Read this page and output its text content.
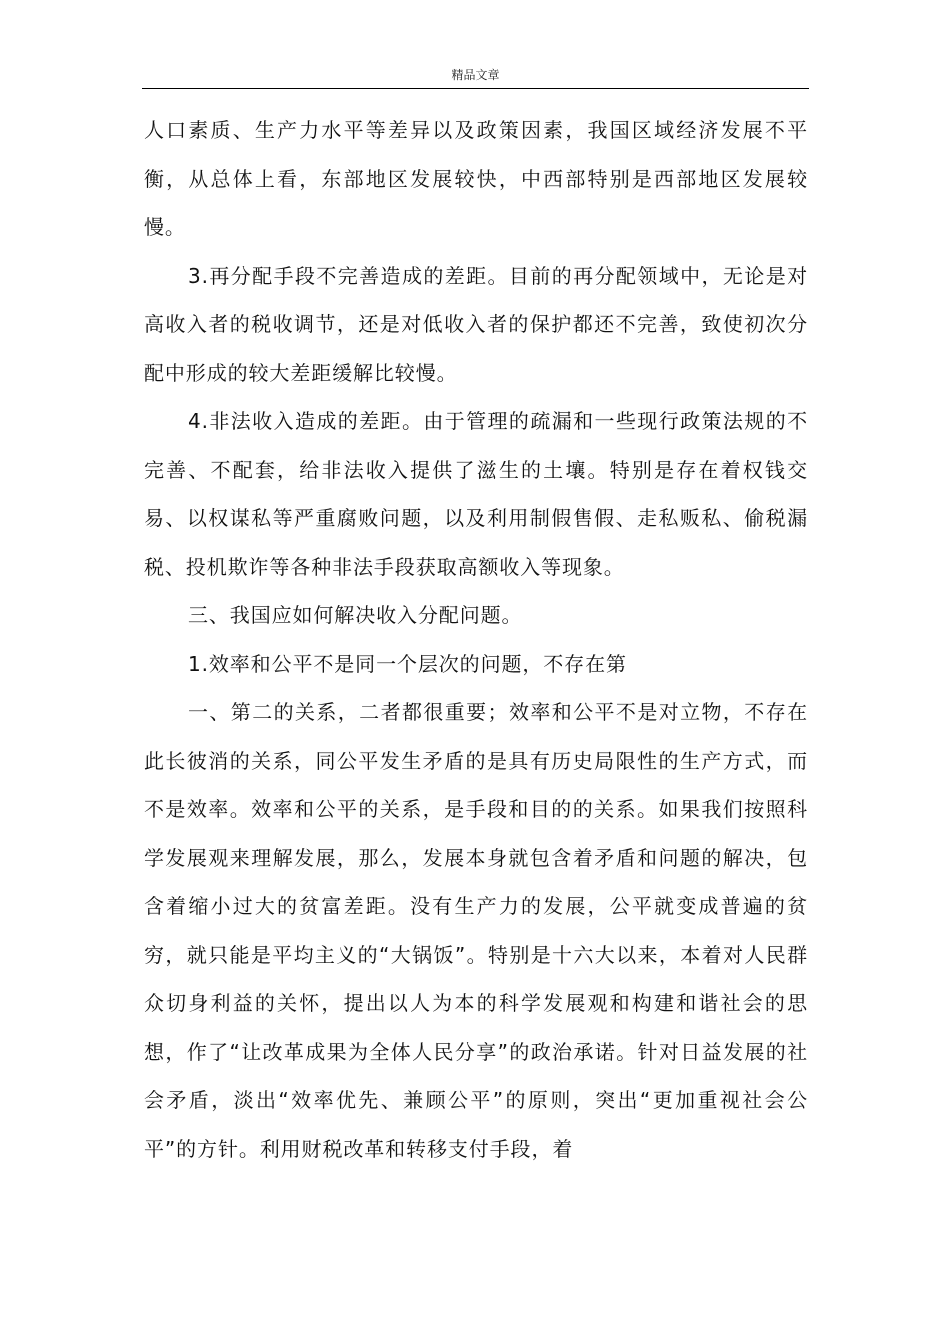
精品文章

人口素质、生产力水平等差异以及政策因素，我国区域经济发展不平衡，从总体上看，东部地区发展较快，中西部特别是西部地区发展较慢。

3.再分配手段不完善造成的差距。目前的再分配领域中，无论是对高收入者的税收调节，还是对低收入者的保护都还不完善，致使初次分配中形成的较大差距缓解比较慢。

4.非法收入造成的差距。由于管理的疏漏和一些现行政策法规的不完善、不配套，给非法收入提供了滋生的土壤。特别是存在着权钱交易、以权谋私等严重腐败问题，以及利用制假售假、走私贩私、偷税漏税、投机欺诈等各种非法手段获取高额收入等现象。

三、我国应如何解决收入分配问题。

1.效率和公平不是同一个层次的问题，不存在第

一、第二的关系，二者都很重要；效率和公平不是对立物，不存在此长彼消的关系，同公平发生矛盾的是具有历史局限性的生产方式，而不是效率。效率和公平的关系，是手段和目的的关系。如果我们按照科学发展观来理解发展，那么，发展本身就包含着矛盾和问题的解决，包含着缩小过大的贫富差距。没有生产力的发展，公平就变成普遍的贫穷，就只能是平均主义的“大锅饭”。特别是十六大以来，本着对人民群众切身利益的关怀，提出以人为本的科学发展观和构建和谐社会的思想，作了“让改革成果为全体人民分享”的政治承诺。针对日益发展的社会矛盾，淡出“效率优先、兼顾公平”的原则，突出“更加重视社会公平”的方针。利用财税改革和转移支付手段，着
